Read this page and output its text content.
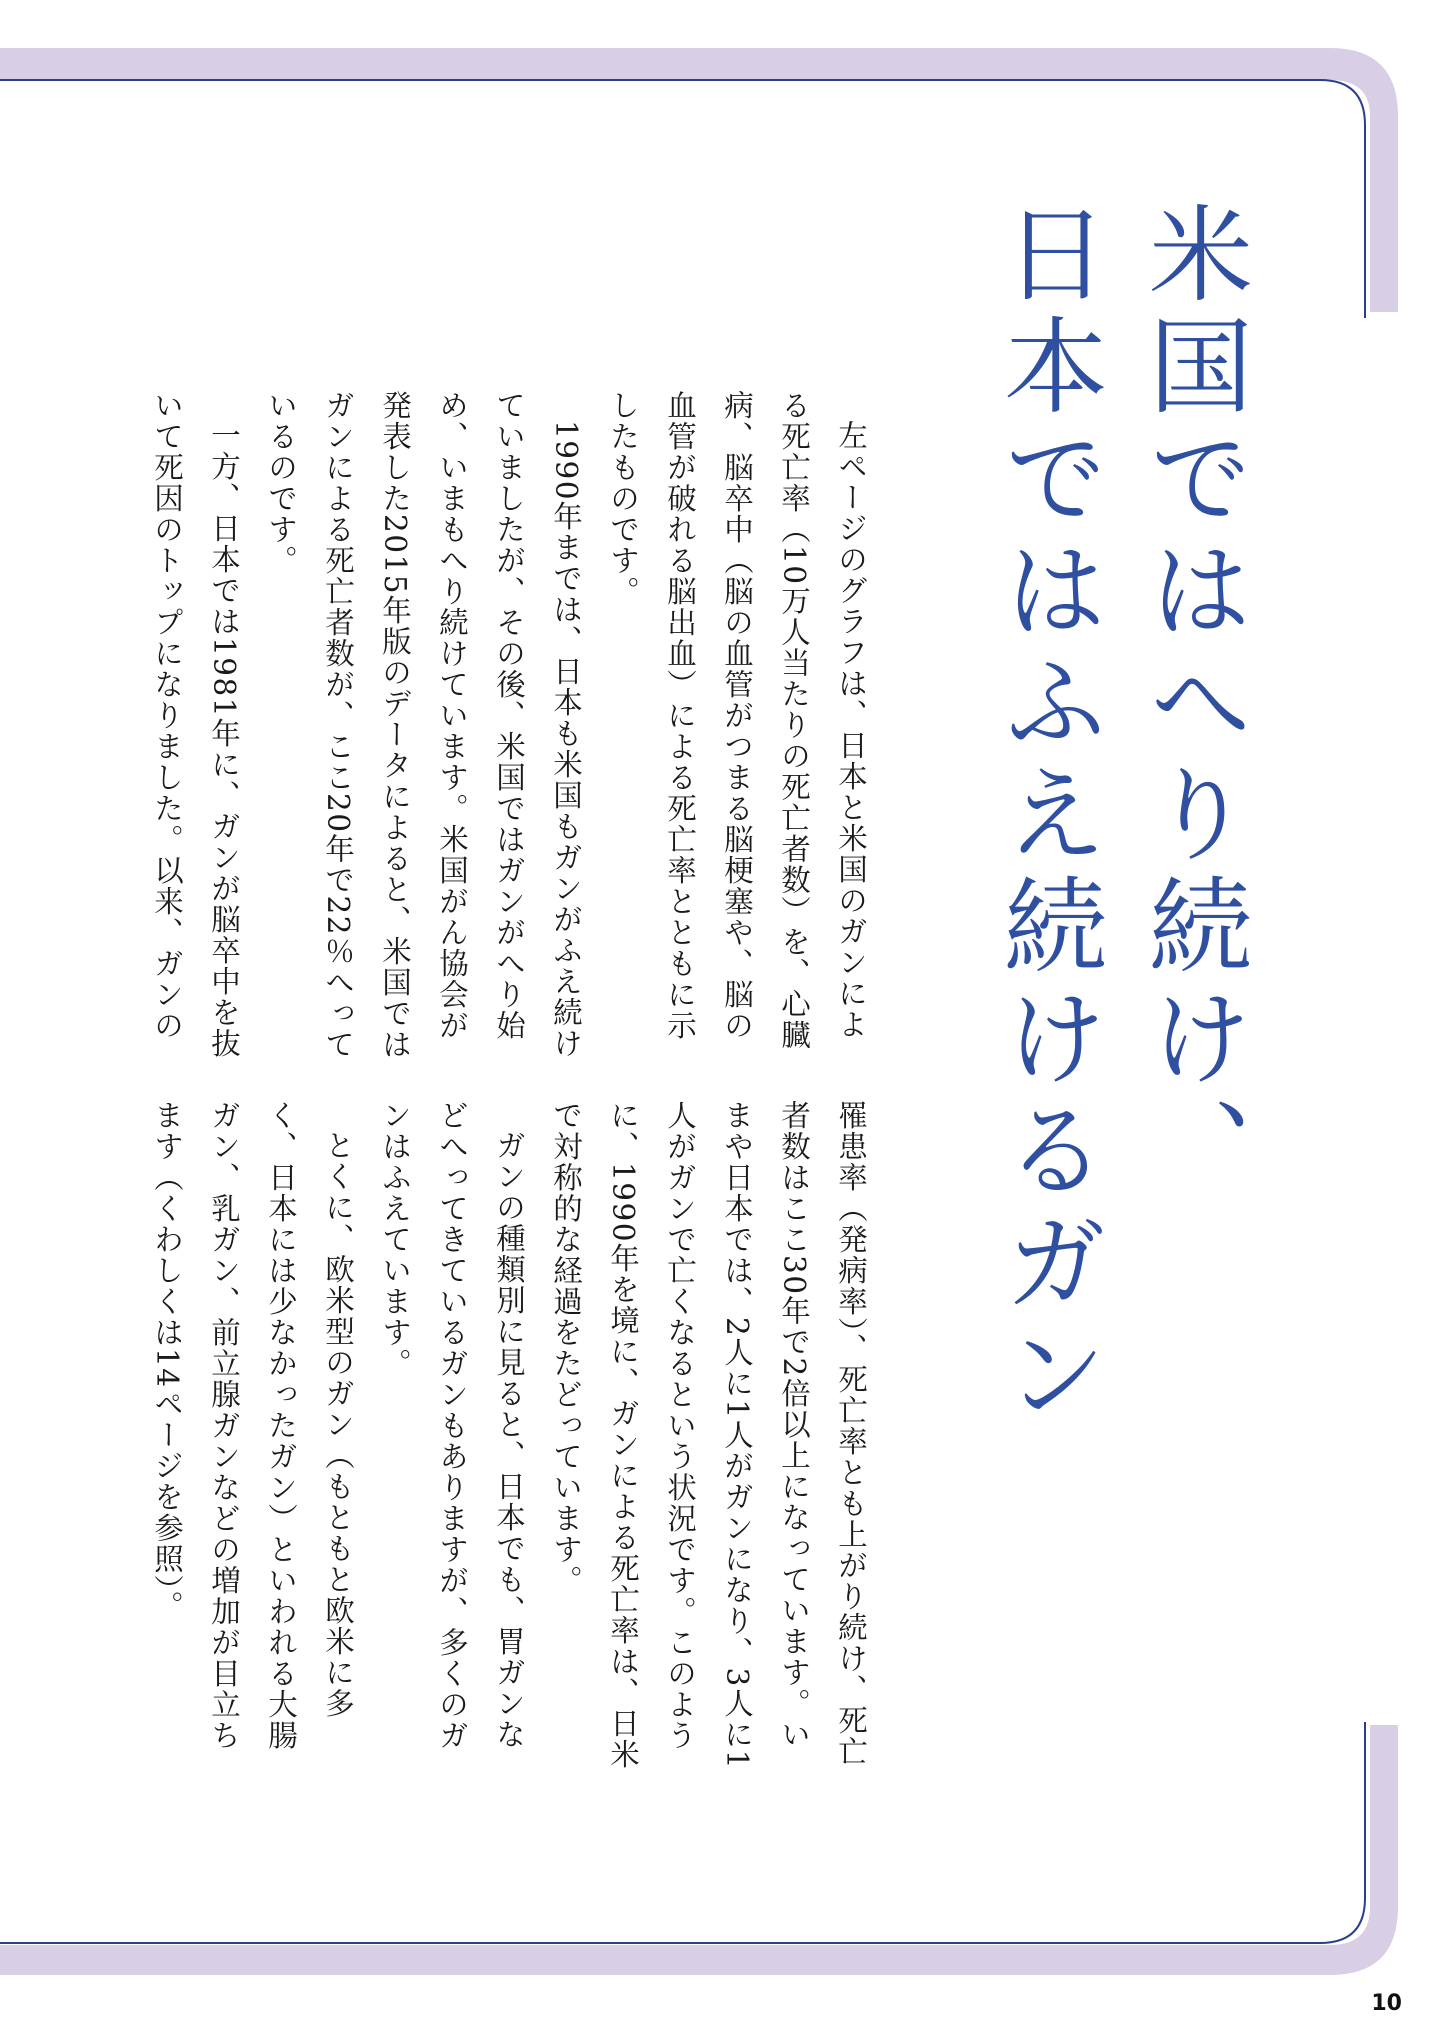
米国ではへり続け、
日本ではふえ続けるガン

左ページのグラフは、日本と米国のガンによる死亡率（10万人当たりの死亡者数）を、心臓病、脳卒中（脳の血管がつまる脳梗塞や、脳の血管が破れる脳出血）による死亡率とともに示したものです。

1990年までは、日本も米国もガンがふえ続けていましたが、その後、米国ではガンがへり始め、いまもへり続けています。米国がん協会が発表した2015年版のデータによると、米国ではガンによる死亡者数が、ここ20年で22％へっているのです。

一方、日本では1981年に、ガンが脳卒中を抜いて死因のトップになりました。以来、ガンの

罹患率（発病率）、死亡率とも上がり続け、死亡者数はここ30年で2倍以上になっています。いまや日本では、2人に1人がガンになり、3人に1人がガンで亡くなるという状況です。このように、1990年を境に、ガンによる死亡率は、日米で対称的な経過をたどっています。

ガンの種類別に見ると、日本でも、胃ガンなどへってきているガンもありますが、多くのガンはふえています。

とくに、欧米型のガン（もともと欧米に多く、日本には少なかったガン）といわれる大腸ガン、乳ガン、前立腺ガンなどの増加が目立ちます（くわしくは14ページを参照）。

10
